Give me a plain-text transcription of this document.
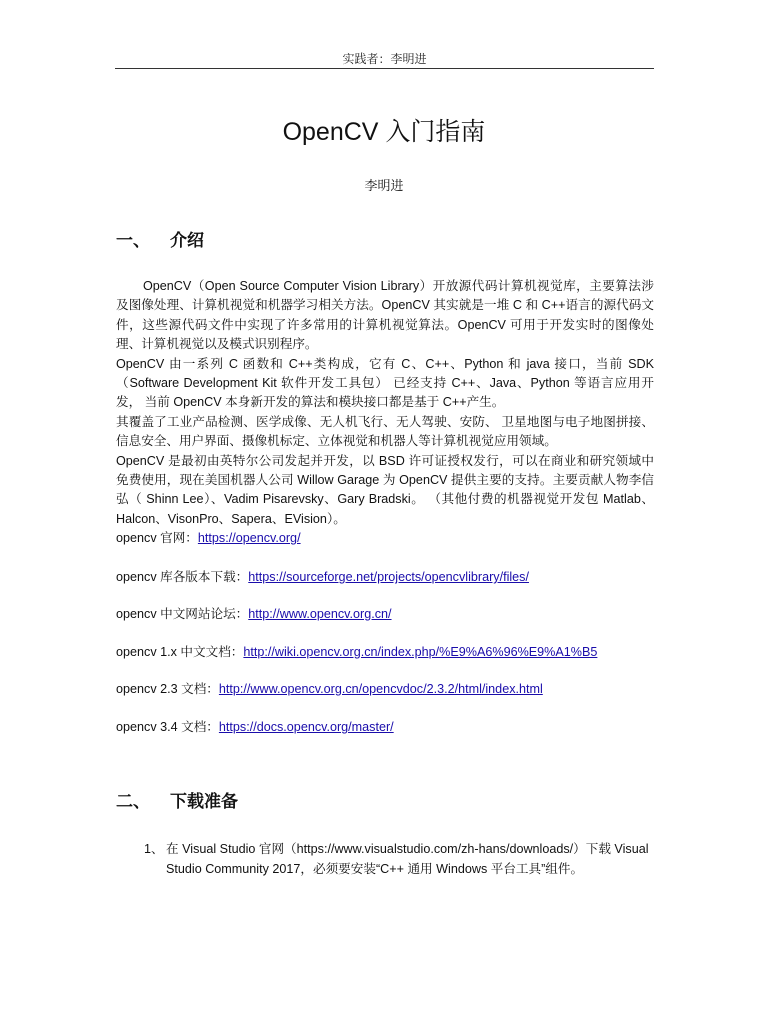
实践者：李明进
OpenCV 入门指南
李明进
一、 介绍

OpenCV（Open Source Computer Vision Library）开放源代码计算机视觉库，主要算法涉及图像处理、计算机视觉和机器学习相关方法。OpenCV 其实就是一堆 C 和 C++语言的源代码文件，这些源代码文件中实现了许多常用的计算机视觉算法。OpenCV 可用于开发实时的图像处理、计算机视觉以及模式识别程序。

OpenCV 由一系列 C 函数和 C++类构成，它有 C、C++、Python 和 java 接口，当前 SDK（Software Development Kit 软件开发工具包） 已经支持 C++、Java、Python 等语言应用开发， 当前 OpenCV 本身新开发的算法和模块接口都是基于 C++产生。

其覆盖了工业产品检测、医学成像、无人机飞行、无人驾驶、安防、 卫星地图与电子地图拼接、信息安全、用户界面、摄像机标定、立体视觉和机器人等计算机视觉应用领域。

OpenCV 是最初由英特尔公司发起并开发，以 BSD 许可证授权发行，可以在商业和研究领域中免费使用，现在美国机器人公司 Willow Garage 为 OpenCV 提供主要的支持。主要贡献人物李信弘（ Shinn Lee）、Vadim Pisarevsky、Gary Bradski。 （其他付费的机器视觉开发包 Matlab、Halcon、VisonPro、Sapera、EVision）。

opencv 官网：https://opencv.org/
opencv 库各版本下载：https://sourceforge.net/projects/opencvlibrary/files/
opencv 中文网站论坛：http://www.opencv.org.cn/
opencv 1.x 中文文档：http://wiki.opencv.org.cn/index.php/%E9%A6%96%E9%A1%B5
opencv 2.3 文档：http://www.opencv.org.cn/opencvdoc/2.3.2/html/index.html
opencv 3.4 文档：https://docs.opencv.org/master/
二、 下载准备
1、 在 Visual Studio 官网（https://www.visualstudio.com/zh-hans/downloads/）下载 Visual Studio Community 2017，必须要安装“C++ 通用 Windows 平台工具”组件。
